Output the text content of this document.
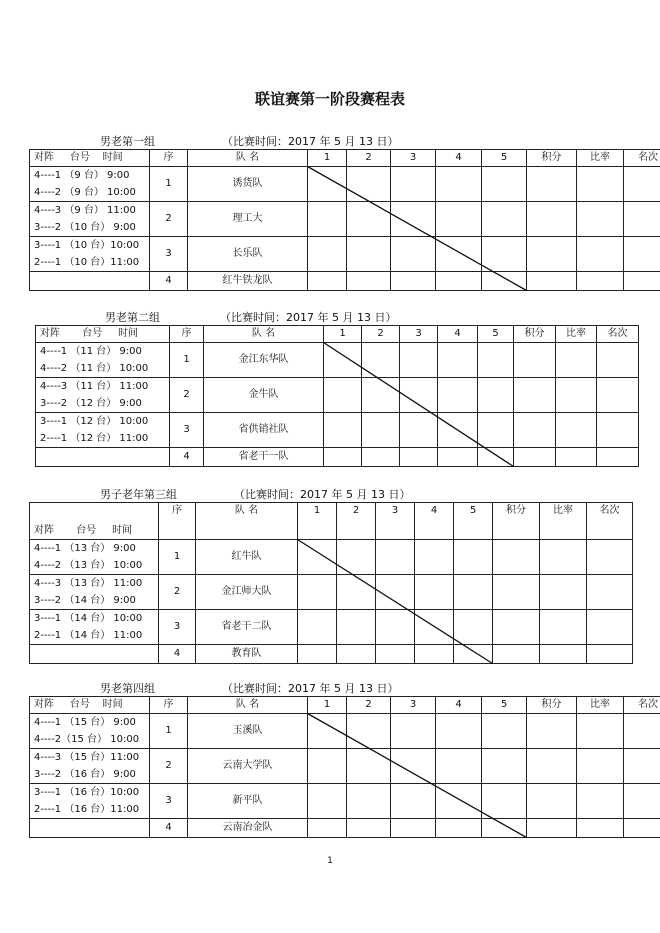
联谊赛第一阶段赛程表
男老第一组	（比赛时间：2017 年 5 月 13 日）
对阵 台号 时间	序	队 名	1	2	3	4	5	积分	比率	名次

4----1 （9 台） 9:00
4----2 （9 台） 10:00	1	诱货队								

4----3 （9 台） 11:00
3----2 （10 台） 9:00	2	理工大								

3----1 （10 台）10:00
2----1 （10 台）11:00	3	长乐队								
	4	红牛铁龙队								
男老第二组	（比赛时间：2017 年 5 月 13 日）
对阵 台号 时间	序	队 名	1	2	3	4	5	积分	比率	名次

4----1 （11 台） 9:00
4----2 （11 台） 10:00	1	金江东华队								

4----3 （11 台） 11:00
3----2 （12 台） 9:00	2	金牛队								

3----1 （12 台） 10:00
2----1 （12 台） 11:00	3	省供销社队								
	4	省老干一队								
男子老年第三组	（比赛时间：2017 年 5 月 13 日）
对阵 台号 时间	序	队 名	1	2	3	4	5	积分	比率	名次

4----1 （13 台） 9:00
4----2 （13 台） 10:00	1	红牛队								

4----3 （13 台） 11:00
3----2 （14 台） 9:00	2	金江师大队								

3----1 （14 台） 10:00
2----1 （14 台） 11:00	3	省老干二队								
	4	教育队								
男老第四组	（比赛时间：2017 年 5 月 13 日）
对阵 台号 时间	序	队 名	1	2	3	4	5	积分	比率	名次

4----1 （15 台） 9:00
4----2（15 台） 10:00	1	玉溪队								

4----3 （15 台）11:00
3----2 （16 台） 9:00	2	云南大学队								

3----1 （16 台）10:00
2----1 （16 台）11:00	3	新平队								
	4	云南冶金队								
1
